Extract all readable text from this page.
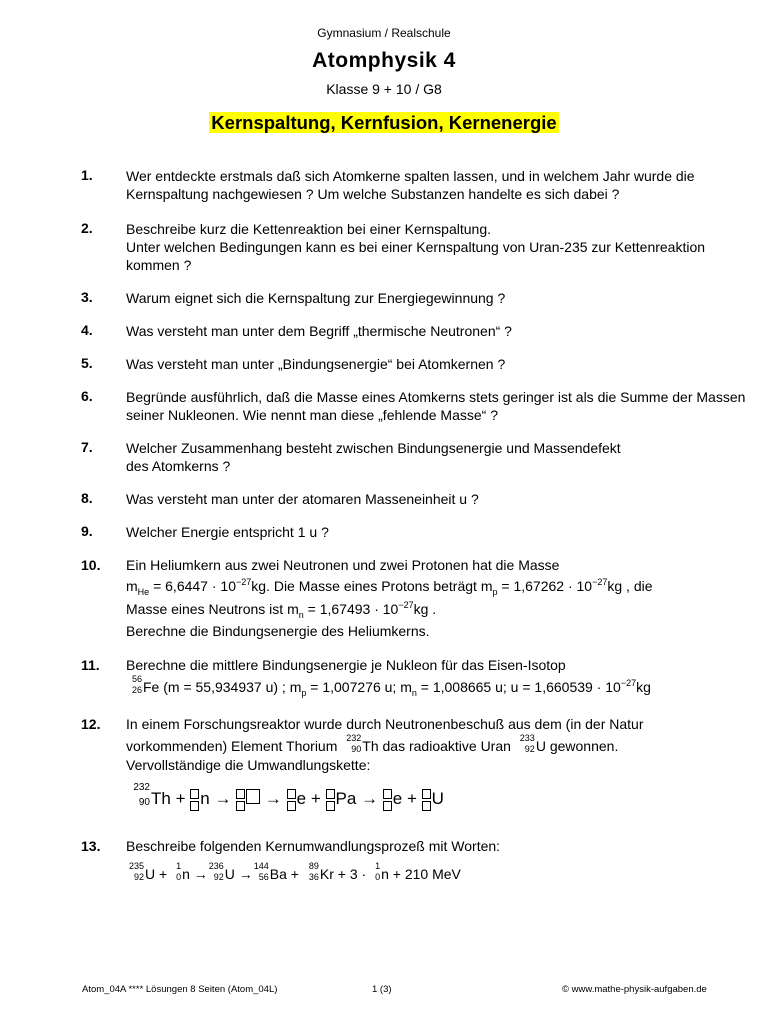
Gymnasium / Realschule
Atomphysik 4
Klasse 9 + 10 / G8
Kernspaltung, Kernfusion, Kernenergie
1. Wer entdeckte erstmals daß sich Atomkerne spalten lassen, und in welchem Jahr wurde die Kernspaltung nachgewiesen ? Um welche Substanzen handelte es sich dabei ?
2. Beschreibe kurz die Kettenreaktion bei einer Kernspaltung.
Unter welchen Bedingungen kann es bei einer Kernspaltung von Uran-235 zur Kettenreaktion kommen ?
3. Warum eignet sich die Kernspaltung zur Energiegewinnung ?
4. Was versteht man unter dem Begriff „thermische Neutronen“ ?
5. Was versteht man unter „Bindungsenergie“ bei Atomkernen ?
6. Begründe ausführlich, daß die Masse eines Atomkerns stets geringer ist als die Summe der Massen seiner Nukleonen. Wie nennt man diese „fehlende Masse“ ?
7. Welcher Zusammenhang besteht zwischen Bindungsenergie und Massendefekt
des Atomkerns ?
8. Was versteht man unter der atomaren Masseneinheit u ?
9. Welcher Energie entspricht 1 u ?
10. Ein Heliumkern aus zwei Neutronen und zwei Protonen hat die Masse
$m_{He} = 6,6447 \cdot 10^{-27}kg$. Die Masse eines Protons beträgt $m_p = 1,67262 \cdot 10^{-27}kg$ , die
Masse eines Neutrons ist $m_n = 1,67493 \cdot 10^{-27}kg$ .
Berechne die Bindungsenergie des Heliumkerns.
11. Berechne die mittlere Bindungsenergie je Nukleon für das Eisen-Isotop
56
26 Fe (m = 55,934937 u) ; $m_p = 1,007276$ u; $m_n = 1,008665$ u; $u = 1,660539 \cdot 10^{-27}kg$
12. In einem Forschungsreaktor wurde durch Neutronenbeschuß aus dem (in der Natur
vorkommenden) Element Thorium 232
90 Th das radioaktive Uran 233
92 U gewonnen.
Vervollständige die Umwandlungskette:
232
90 Th + n → → e + Pa → e + U
13. Beschreibe folgenden Kernumwandlungsprozeß mit Worten:
235
92 U + 1
0 n → 236
92 U → 144
56 Ba + 89
36 Kr + 3 · 1
0 n + 210 MeV
Atom_04A **** Lösungen 8 Seiten (Atom_04L)	1 (3)	© www.mathe-physik-aufgaben.de
